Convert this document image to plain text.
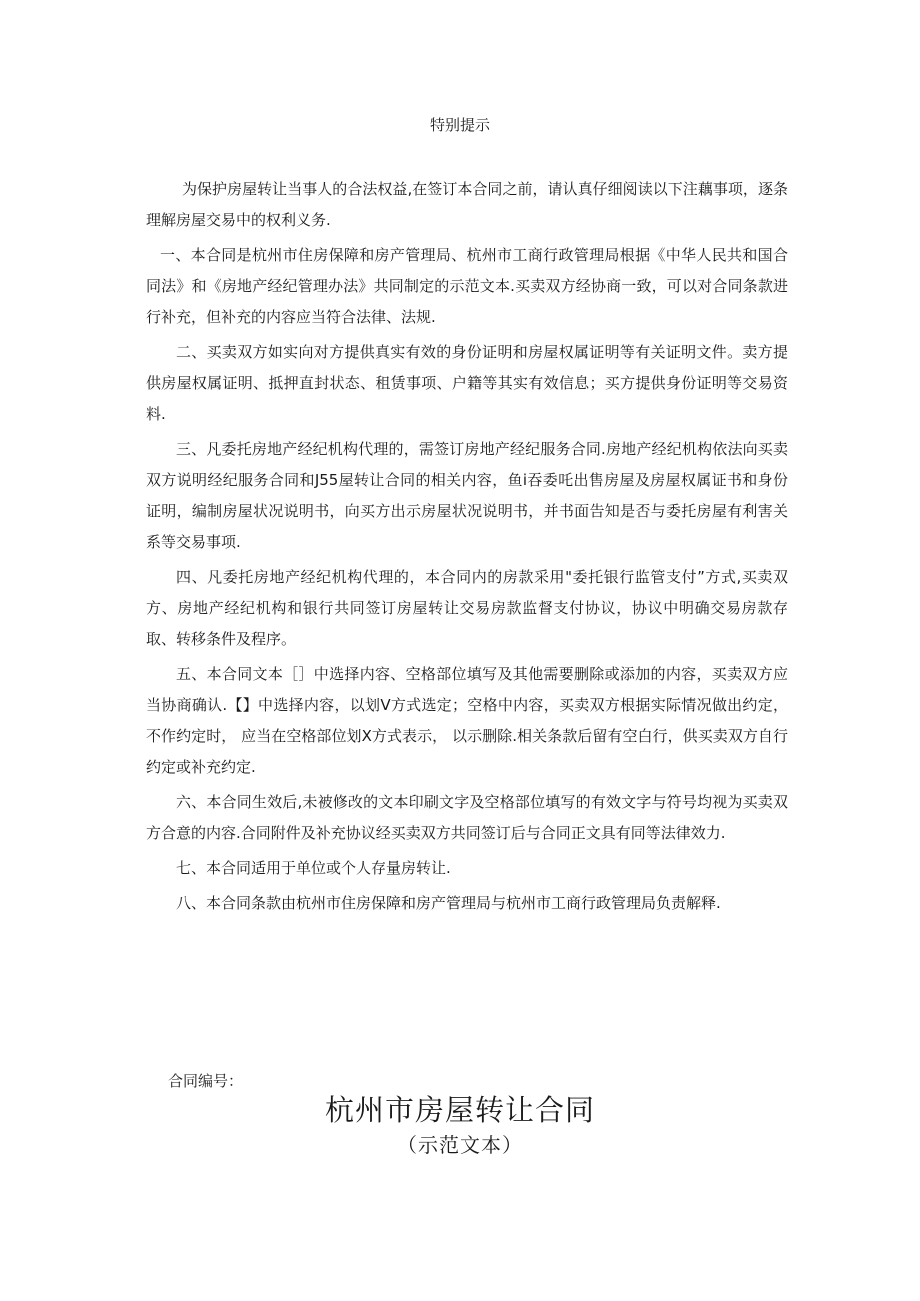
特别提示

为保护房屋转让当事人的合法权益,在签订本合同之前，请认真仔细阅读以下注藕事项，逐条理解房屋交易中的权利义务.

一、本合同是杭州市住房保障和房产管理局、杭州市工商行政管理局根据《中华人民共和国合同法》和《房地产经纪管理办法》共同制定的示范文本.买卖双方经协商一致，可以对合同条款进行补充，但补充的内容应当符合法律、法规.

二、买卖双方如实向对方提供真实有效的身份证明和房屋权属证明等有关证明文件。卖方提供房屋权属证明、抵押直封状态、租赁事项、户籍等其实有效信息；买方提供身份证明等交易资料.

三、凡委托房地产经纪机构代理的，需签订房地产经纪服务合同.房地产经纪机构依法向买卖双方说明经纪服务合同和J55屋转让合同的相关内容，鱼i吞委吒出售房屋及房屋权属证书和身份证明，编制房屋状况说明书，向买方出示房屋状况说明书，并书面告知是否与委托房屋有利害关系等交易事项.

四、凡委托房地产经纪机构代理的，本合同内的房款采用"委托银行监管支付”方式,买卖双方、房地产经纪机构和银行共同签订房屋转让交易房款监督支付协议，协议中明确交易房款存取、转移条件及程序。

五、本合同文本［］中选择内容、空格部位填写及其他需要删除或添加的内容，买卖双方应当协商确认.【】中选择内容，以划V方式选定；空格中内容，买卖双方根据实际情况做出约定， 不作约定时， 应当在空格部位划X方式表示， 以示删除.相关条款后留有空白行，供买卖双方自行约定或补充约定.

六、本合同生效后,未被修改的文本印刷文字及空格部位填写的有效文字与符号均视为买卖双方合意的内容.合同附件及补充协议经买卖双方共同签订后与合同正文具有同等法律效力.

七、本合同适用于单位或个人存量房转让.

八、本合同条款由杭州市住房保障和房产管理局与杭州市工商行政管理局负责解释.

合同编号：
杭州市房屋转让合同
（示范文本）
